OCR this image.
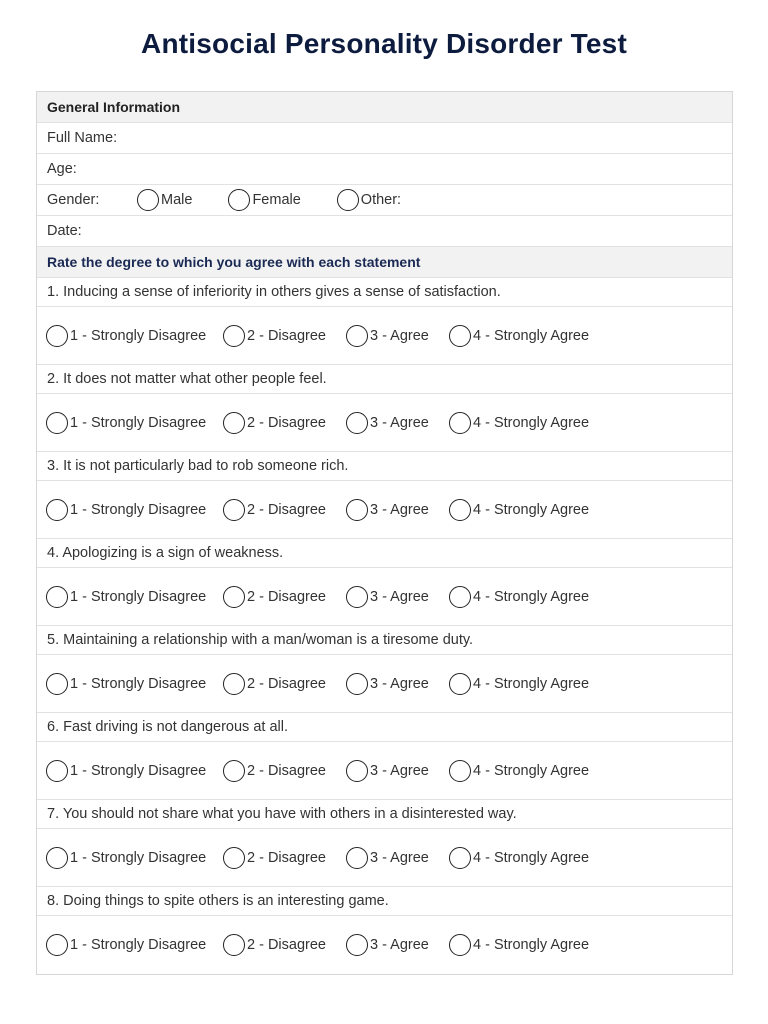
Antisocial Personality Disorder Test
General Information
Full Name:
Age:
Gender:	Male	Female	Other:
Date:
Rate the degree to which you agree with each statement
1. Inducing a sense of inferiority in others gives a sense of satisfaction.
1 - Strongly Disagree	2 - Disagree	3 - Agree	4 - Strongly Agree
2. It does not matter what other people feel.
1 - Strongly Disagree	2 - Disagree	3 - Agree	4 - Strongly Agree
3. It is not particularly bad to rob someone rich.
1 - Strongly Disagree	2 - Disagree	3 - Agree	4 - Strongly Agree
4. Apologizing is a sign of weakness.
1 - Strongly Disagree	2 - Disagree	3 - Agree	4 - Strongly Agree
5. Maintaining a relationship with a man/woman is a tiresome duty.
1 - Strongly Disagree	2 - Disagree	3 - Agree	4 - Strongly Agree
6. Fast driving is not dangerous at all.
1 - Strongly Disagree	2 - Disagree	3 - Agree	4 - Strongly Agree
7. You should not share what you have with others in a disinterested way.
1 - Strongly Disagree	2 - Disagree	3 - Agree	4 - Strongly Agree
8. Doing things to spite others is an interesting game.
1 - Strongly Disagree	2 - Disagree	3 - Agree	4 - Strongly Agree
